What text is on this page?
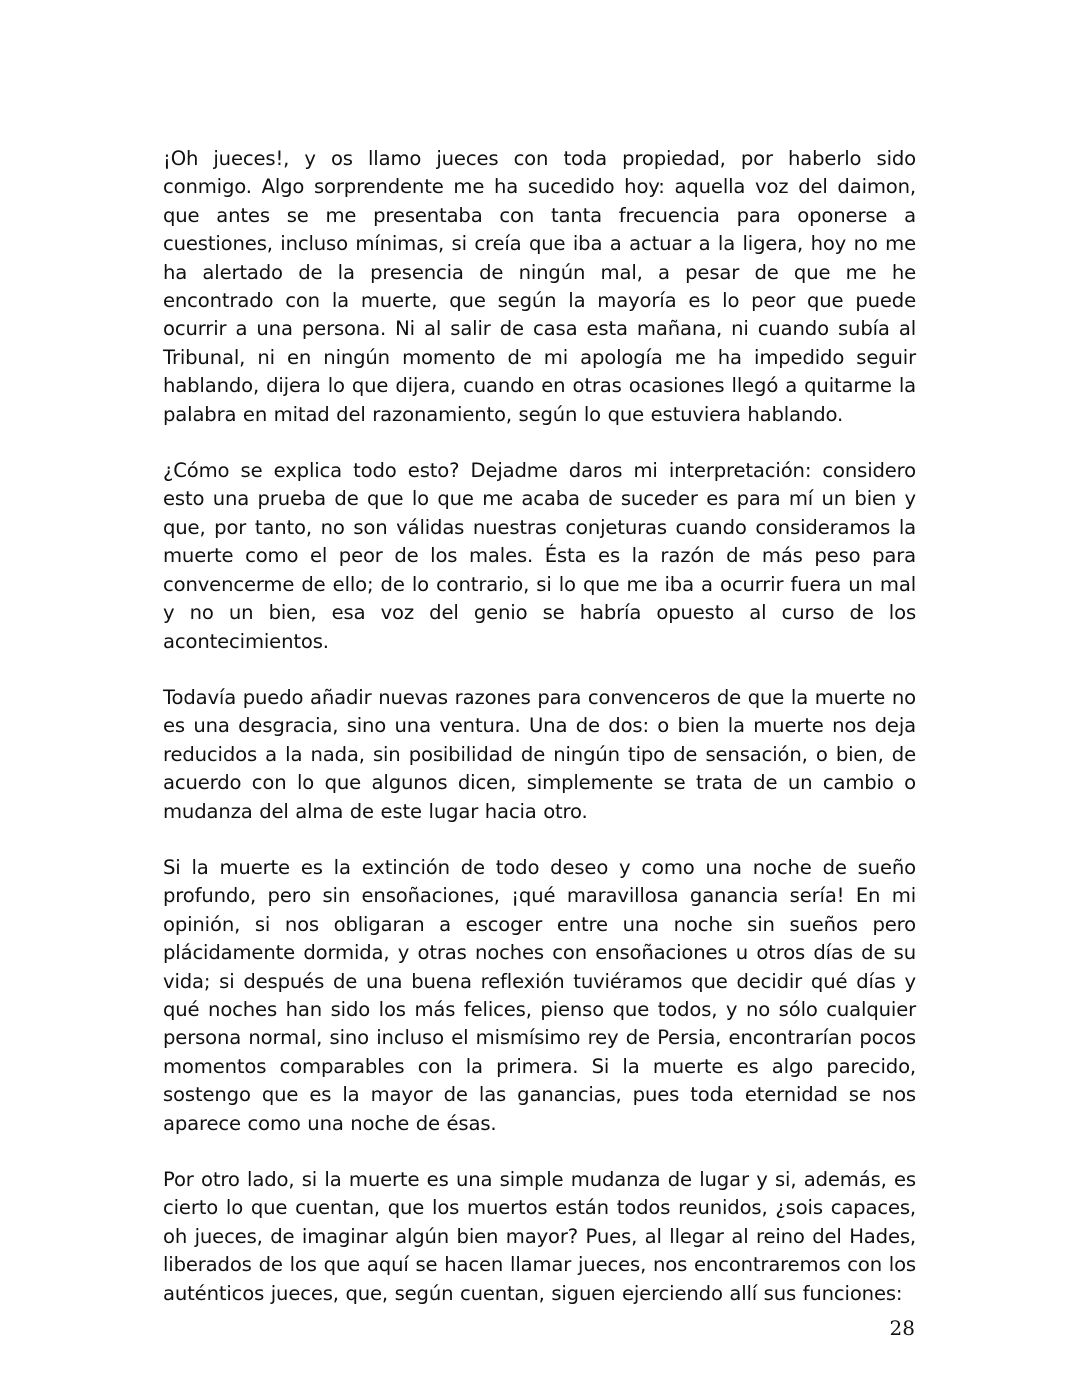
¡Oh jueces!, y os llamo jueces con toda propiedad, por haberlo sido conmigo. Algo sorprendente me ha sucedido hoy: aquella voz del daimon, que antes se me presentaba con tanta frecuencia para oponerse a cuestiones, incluso mínimas, si creía que iba a actuar a la ligera, hoy no me ha alertado de la presencia de ningún mal, a pesar de que me he encontrado con la muerte, que según la mayoría es lo peor que puede ocurrir a una persona. Ni al salir de casa esta mañana, ni cuando subía al Tribunal, ni en ningún momento de mi apología me ha impedido seguir hablando, dijera lo que dijera, cuando en otras ocasiones llegó a quitarme la palabra en mitad del razonamiento, según lo que estuviera hablando.

¿Cómo se explica todo esto? Dejadme daros mi interpretación: considero esto una prueba de que lo que me acaba de suceder es para mí un bien y que, por tanto, no son válidas nuestras conjeturas cuando consideramos la muerte como el peor de los males. Ésta es la razón de más peso para convencerme de ello; de lo contrario, si lo que me iba a ocurrir fuera un mal y no un bien, esa voz del genio se habría opuesto al curso de los acontecimientos.

Todavía puedo añadir nuevas razones para convenceros de que la muerte no es una desgracia, sino una ventura. Una de dos: o bien la muerte nos deja reducidos a la nada, sin posibilidad de ningún tipo de sensación, o bien, de acuerdo con lo que algunos dicen, simplemente se trata de un cambio o mudanza del alma de este lugar hacia otro.

Si la muerte es la extinción de todo deseo y como una noche de sueño profundo, pero sin ensoñaciones, ¡qué maravillosa ganancia sería! En mi opinión, si nos obligaran a escoger entre una noche sin sueños pero plácidamente dormida, y otras noches con ensoñaciones u otros días de su vida; si después de una buena reflexión tuviéramos que decidir qué días y qué noches han sido los más felices, pienso que todos, y no sólo cualquier persona normal, sino incluso el mismísimo rey de Persia, encontrarían pocos momentos comparables con la primera. Si la muerte es algo parecido, sostengo que es la mayor de las ganancias, pues toda eternidad se nos aparece como una noche de ésas.

Por otro lado, si la muerte es una simple mudanza de lugar y si, además, es cierto lo que cuentan, que los muertos están todos reunidos, ¿sois capaces, oh jueces, de imaginar algún bien mayor? Pues, al llegar al reino del Hades, liberados de los que aquí se hacen llamar jueces, nos encontraremos con los auténticos jueces, que, según cuentan, siguen ejerciendo allí sus funciones:

28
